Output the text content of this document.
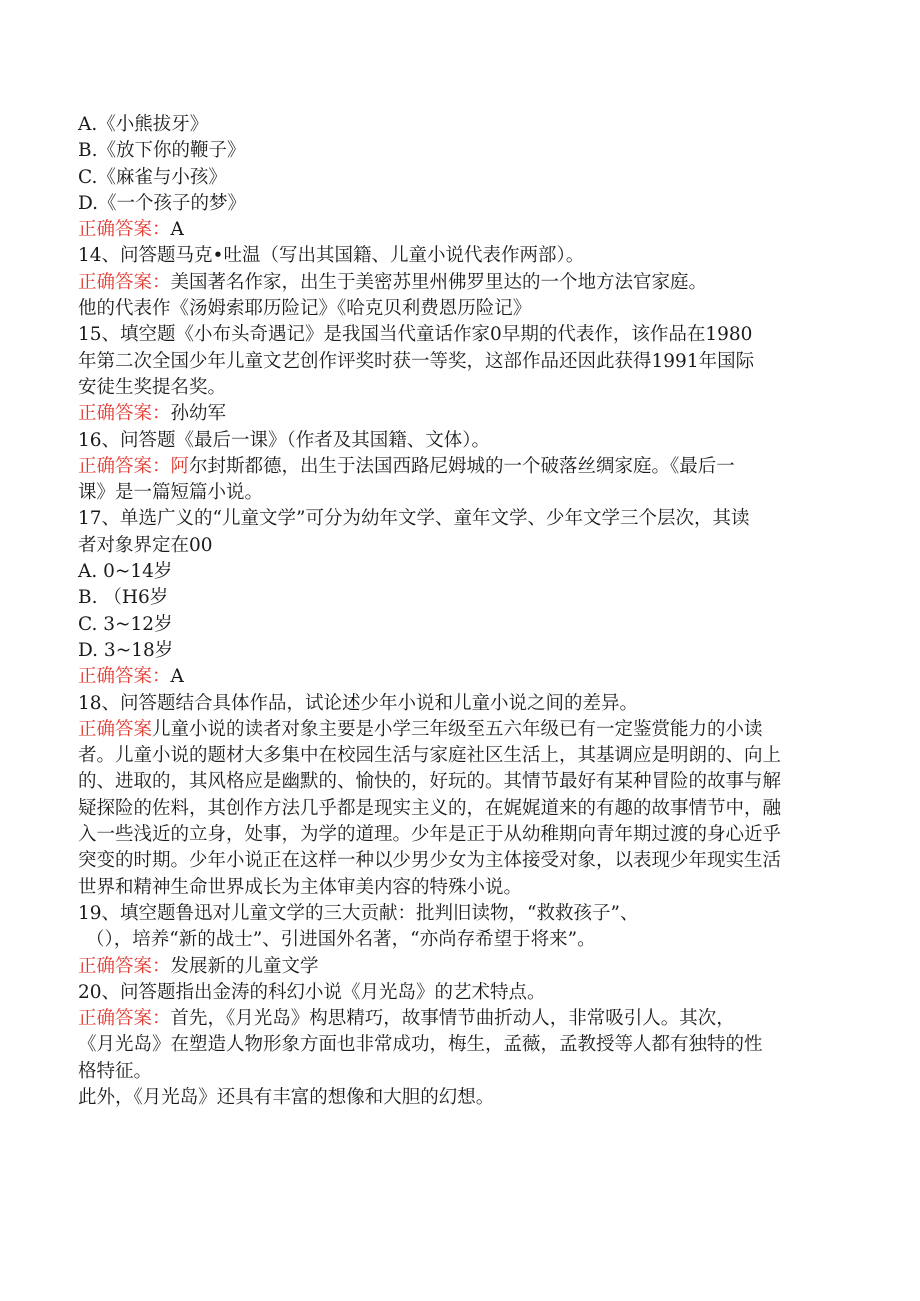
A.《小熊拔牙》
B.《放下你的鞭子》
C.《麻雀与小孩》
D.《一个孩子的梦》
正确答案：A
14、问答题马克•吐温（写出其国籍、儿童小说代表作两部）。
正确答案：美国著名作家，出生于美密苏里州佛罗里达的一个地方法官家庭。
他的代表作《汤姆索耶历险记》《哈克贝利费恩历险记》
15、填空题《小布头奇遇记》是我国当代童话作家0早期的代表作，该作品在1980
年第二次全国少年儿童文艺创作评奖时获一等奖，这部作品还因此获得1991年国际
安徒生奖提名奖。
正确答案：孙幼军
16、问答题《最后一课》（作者及其国籍、文体）。
正确答案：阿尔封斯都德，出生于法国西路尼姆城的一个破落丝绸家庭。《最后一
课》是一篇短篇小说。
17、单选广义的“儿童文学”可分为幼年文学、童年文学、少年文学三个层次，其读
者对象界定在00
A. 0~14岁
B. （H6岁
C. 3~12岁
D. 3~18岁
正确答案：A
18、问答题结合具体作品，试论述少年小说和儿童小说之间的差异。
正确答案儿童小说的读者对象主要是小学三年级至五六年级已有一定鉴赏能力的小读
者。儿童小说的题材大多集中在校园生活与家庭社区生活上，其基调应是明朗的、向上
的、进取的，其风格应是幽默的、愉快的，好玩的。其情节最好有某种冒险的故事与解
疑探险的佐料，其创作方法几乎都是现实主义的，在娓娓道来的有趣的故事情节中，融
入一些浅近的立身，处事，为学的道理。少年是正于从幼稚期向青年期过渡的身心近乎
突变的时期。少年小说正在这样一种以少男少女为主体接受对象，以表现少年现实生活
世界和精神生命世界成长为主体审美内容的特殊小说。
19、填空题鲁迅对儿童文学的三大贡献：批判旧读物，“救救孩子”、
（），培养“新的战士”、引进国外名著，“亦尚存希望于将来”。
正确答案：发展新的儿童文学
20、问答题指出金涛的科幻小说《月光岛》的艺术特点。
正确答案：首先，《月光岛》构思精巧，故事情节曲折动人，非常吸引人。其次，
《月光岛》在塑造人物形象方面也非常成功，梅生，孟薇，孟教授等人都有独特的性
格特征。
此外，《月光岛》还具有丰富的想像和大胆的幻想。
